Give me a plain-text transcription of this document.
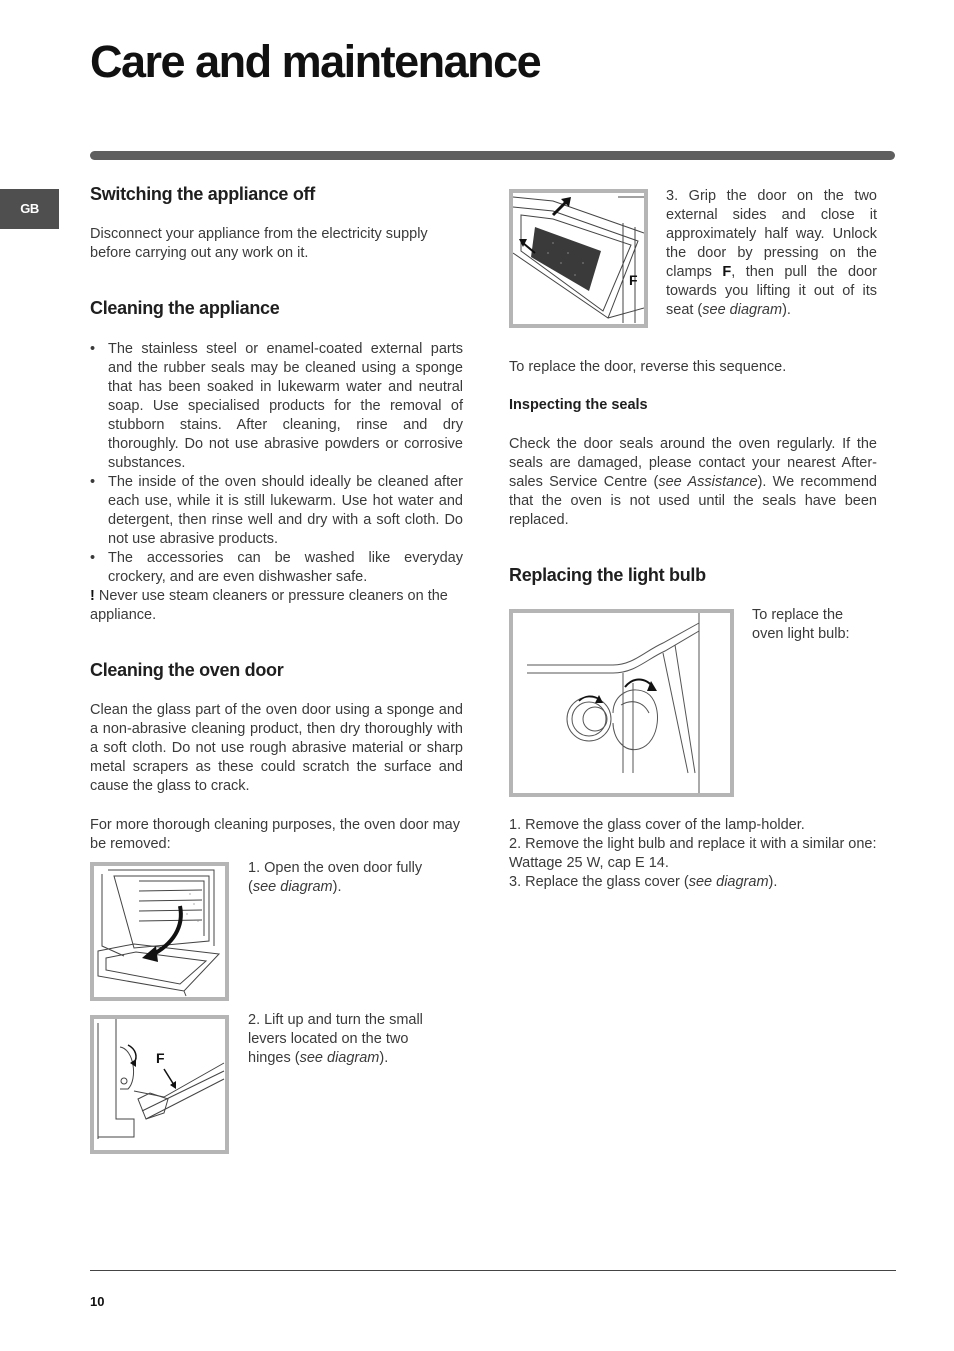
Care and maintenance
GB
Switching the appliance off

Disconnect your appliance from the electricity supply before carrying out any work on it.

Cleaning the appliance
• The stainless steel or enamel-coated external parts and the rubber seals may be cleaned using a sponge that has been soaked in lukewarm water and neutral soap. Use specialised products for the removal of stubborn stains. After cleaning, rinse and dry thoroughly. Do not use abrasive powders or corrosive substances.
• The inside of the oven should ideally be cleaned after each use, while it is still lukewarm. Use hot water and detergent, then rinse well and dry with a soft cloth. Do not use abrasive products.
• The accessories can be washed like everyday crockery, and are even dishwasher safe.

! Never use steam cleaners or pressure cleaners on the appliance.

Cleaning the oven door

Clean the glass part of the oven door using a sponge and a non-abrasive cleaning product, then dry thoroughly with a soft cloth. Do not use rough abrasive material or sharp metal scrapers as these could scratch the surface and cause the glass to crack.

For more thorough cleaning purposes, the oven door may be removed:

1. Open the oven door fully (see diagram).

F

2. Lift up and turn the small levers located on the two hinges (see diagram).

F

3. Grip the door on the two external sides and close it approximately half way. Unlock the door by pressing on the clamps F, then pull the door towards you lifting it out of its seat (see diagram).

To replace the door, reverse this sequence.

Inspecting the seals

Check the door seals around the oven regularly. If the seals are damaged, please contact your nearest After-sales Service Centre (see Assistance). We recommend that the oven is not used until the seals have been replaced.

Replacing the light bulb

To replace the oven light bulb:

1. Remove the glass cover of the lamp-holder.

2. Remove the light bulb and replace it with a similar one: Wattage 25 W, cap E 14.

3. Replace the glass cover (see diagram).

10
